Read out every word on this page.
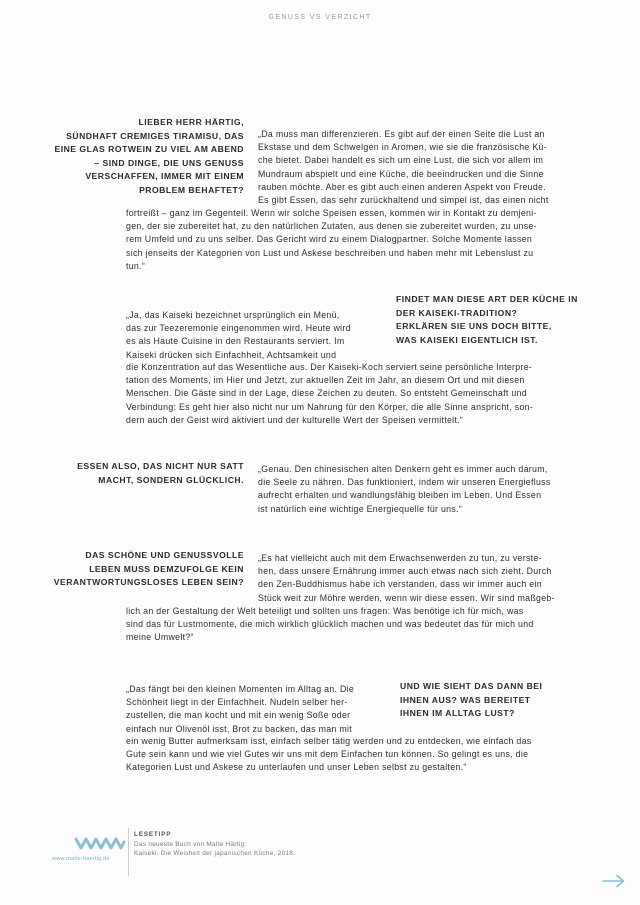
GENUSS VS VERZICHT
LIEBER HERR HÄRTIG,
SÜNDHAFT CREMIGES TIRAMISU, DAS
EINE GLAS ROTWEIN ZU VIEL AM ABEND
– SIND DINGE, DIE UNS GENUSS
VERSCHAFFEN, IMMER MIT EINEM
PROBLEM BEHAFTET?

„Da muss man differenzieren. Es gibt auf der einen Seite die Lust an

Ekstase und dem Schwelgen in Aromen, wie sie die französische Kü-

che bietet. Dabei handelt es sich um eine Lust, die sich vor allem im

Mundraum abspielt und eine Küche, die beeindrucken und die Sinne

rauben möchte. Aber es gibt auch einen anderen Aspekt von Freude.

Es gibt Essen, das sehr zurückhaltend und simpel ist, das einen nicht

fortreißt – ganz im Gegenteil. Wenn wir solche Speisen essen, kommen wir in Kontakt zu demjeni-

gen, der sie zubereitet hat, zu den natürlichen Zutaten, aus denen sie zubereitet wurden, zu unse-

rem Umfeld und zu uns selber. Das Gericht wird zu einem Dialogpartner. Solche Momente lassen

sich jenseits der Kategorien von Lust und Askese beschreiben und haben mehr mit Lebenslust zu

tun.“

FINDET MAN DIESE ART DER KÜCHE IN
DER KAISEKI-TRADITION?
ERKLÄREN SIE UNS DOCH BITTE,
WAS KAISEKI EIGENTLICH IST.

„Ja, das Kaiseki bezeichnet ursprünglich ein Menü,

das zur Teezeremonie eingenommen wird. Heute wird

es als Haute Cuisine in den Restaurants serviert. Im

Kaiseki drücken sich Einfachheit, Achtsamkeit und

die Konzentration auf das Wesentliche aus. Der Kaiseki-Koch serviert seine persönliche Interpre-

tation des Moments, im Hier und Jetzt, zur aktuellen Zeit im Jahr, an diesem Ort und mit diesen

Menschen. Die Gäste sind in der Lage, diese Zeichen zu deuten. So entsteht Gemeinschaft und

Verbindung: Es geht hier also nicht nur um Nahrung für den Körper, die alle Sinne anspricht, son-

dern auch der Geist wird aktiviert und der kulturelle Wert der Speisen vermittelt.“

ESSEN ALSO, DAS NICHT NUR SATT
MACHT, SONDERN GLÜCKLICH.

„Genau. Den chinesischen alten Denkern geht es immer auch darum,

die Seele zu nähren. Das funktioniert, indem wir unseren Energiefluss

aufrecht erhalten und wandlungsfähig bleiben im Leben. Und Essen

ist natürlich eine wichtige Energiequelle für uns.“

DAS SCHÖNE UND GENUSSVOLLE
LEBEN MUSS DEMZUFOLGE KEIN
VERANTWORTUNGSLOSES LEBEN SEIN?

„Es hat vielleicht auch mit dem Erwachsenwerden zu tun, zu verste-

hen, dass unsere Ernährung immer auch etwas nach sich zieht. Durch

den Zen-Buddhismus habe ich verstanden, dass wir immer auch ein

Stück weit zur Möhre werden, wenn wir diese essen. Wir sind maßgeb-

lich an der Gestaltung der Welt beteiligt und sollten uns fragen: Was benötige ich für mich, was

sind das für Lustmomente, die mich wirklich glücklich machen und was bedeutet das für mich und

meine Umwelt?“

UND WIE SIEHT DAS DANN BEI
IHNEN AUS? WAS BEREITET
IHNEN IM ALLTAG LUST?

„Das fängt bei den kleinen Momenten im Alltag an. Die

Schönheit liegt in der Einfachheit. Nudeln selber her-

zustellen, die man kocht und mit ein wenig Soße oder

einfach nur Olivenöl isst, Brot zu backen, das man mit

ein wenig Butter aufmerksam isst, einfach selber tätig werden und zu entdecken, wie einfach das

Gute sein kann und wie viel Gutes wir uns mit dem Einfachen tun können. So gelingt es uns, die

Kategorien Lust und Askese zu unterlaufen und unser Leben selbst zu gestalten.“

www.malte-haertig.de
LESETIPP
Das neueste Buch von Malte Härtig:
Kaiseki. Die Weisheit der japanischen Küche, 2018.
